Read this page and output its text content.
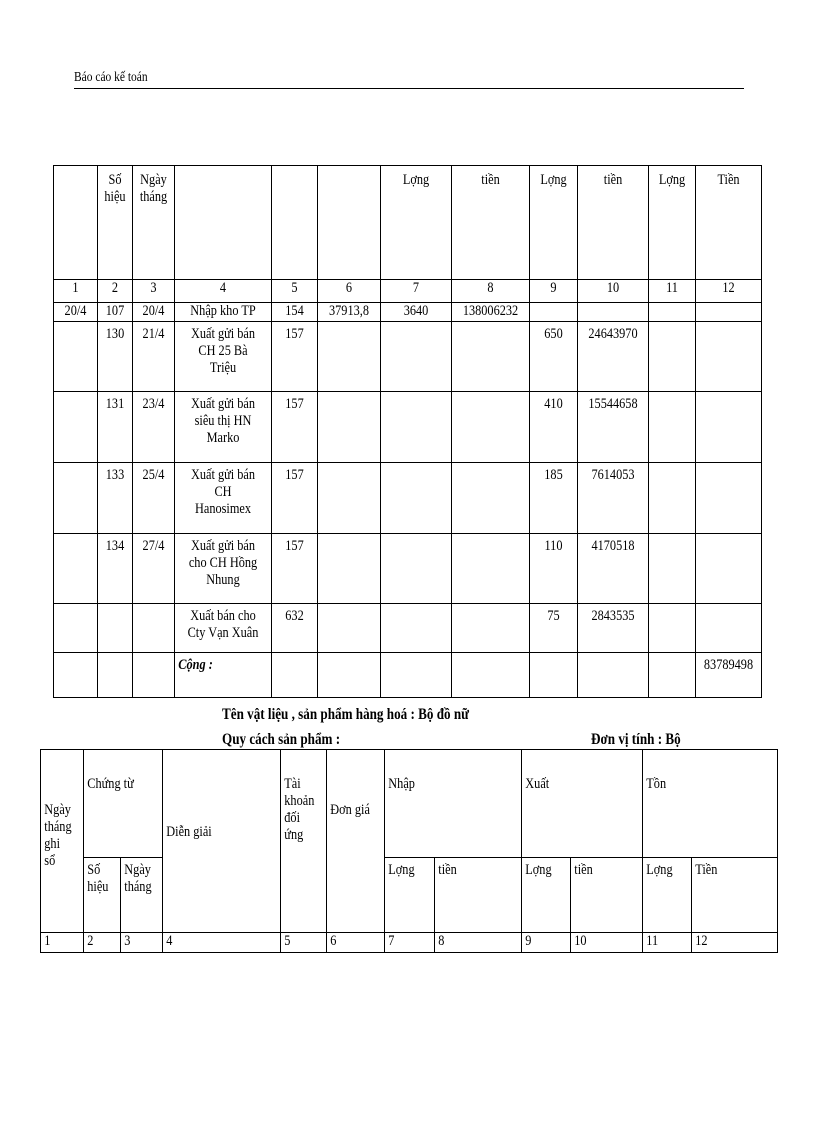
Báo cáo kế toán

	Số
hiệu	Ngày
tháng				Lợng	tiền	Lợng	tiền	Lợng	Tiền

1	2	3	4	5	6	7	8	9	10	11	12

20/4	107	20/4	Nhập kho TP	154	37913,8	3640	138006232				

	130	21/4	Xuất gửi bán
CH 25 Bà
Triệu	157				650	24643970		

	131	23/4	Xuất gửi bán
siêu thị HN
Marko	157				410	15544658		

	133	25/4	Xuất gửi bán
CH
Hanosimex	157				185	7614053		

	134	27/4	Xuất gửi bán
cho CH Hồng
Nhung	157				110	4170518		

			Xuất bán cho
Cty Vạn Xuân	632				75	2843535		

			Cộng :								83789498
Tên vật liệu , sản phẩm hàng hoá : Bộ đồ nữ
Quy cách sản phẩm :	Đơn vị tính : Bộ
Ngày
tháng
ghi
sổ	Chứng từ		Diễn giải	Tài
khoản
đối
ứng	Đơn giá	Nhập		Xuất		Tồn	

	Số
hiệu	Ngày
tháng				Lợng	tiền	Lợng	tiền	Lợng	Tiền

1	2	3	4	5	6	7	8	9	10	11	12
